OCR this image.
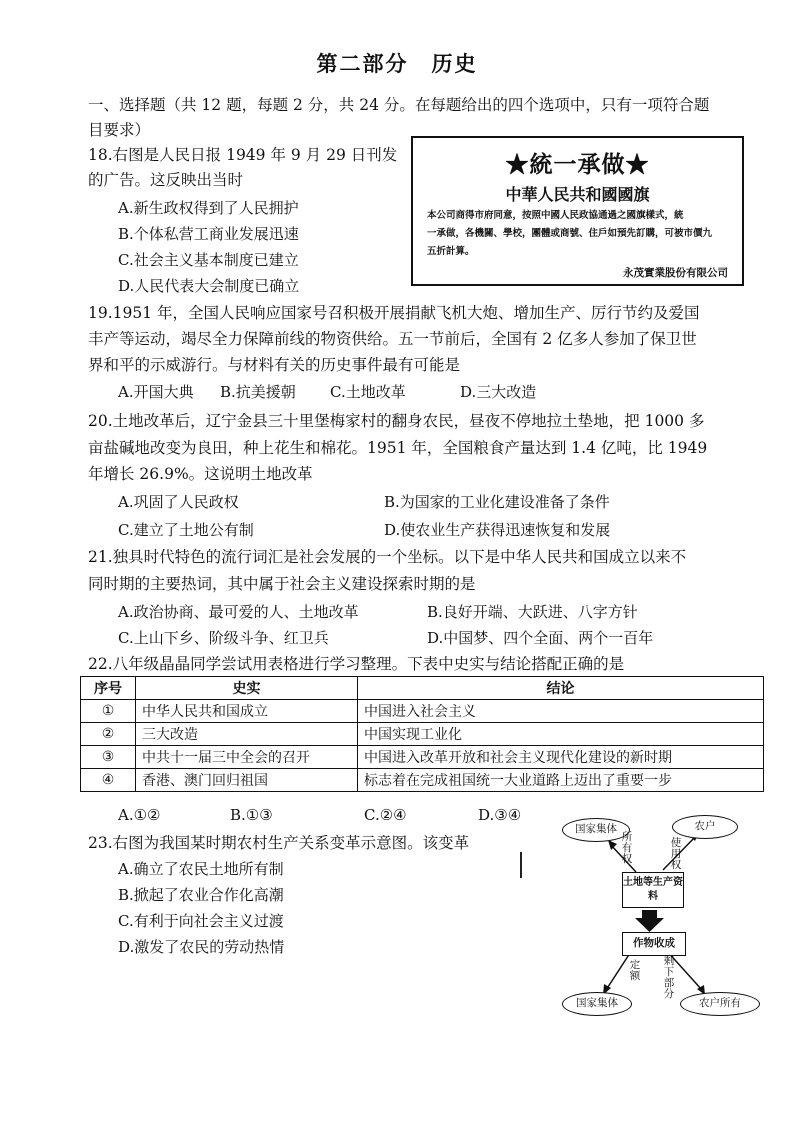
第二部分　历史
一、选择题（共 12 题，每题 2 分，共 24 分。在每题给出的四个选项中，只有一项符合题
目要求）
18.右图是人民日报 1949 年 9 月 29 日刊发
的广告。这反映出当时
A.新生政权得到了人民拥护
B.个体私营工商业发展迅速
C.社会主义基本制度已建立
D.人民代表大会制度已确立
★統一承做★
中華人民共和國國旗
本公司商得市府同意，按照中國人民政協通過之國旗樣式，統
一承做，各機關、學校，團體或商號、住戶如預先訂購，可被市價九
五折計算。
永茂實業股份有限公司
19.1951 年，全国人民响应国家号召积极开展捐献飞机大炮、增加生产、厉行节约及爱国
丰产等运动，竭尽全力保障前线的物资供给。五一节前后，全国有 2 亿多人参加了保卫世
界和平的示威游行。与材料有关的历史事件最有可能是
A.开国大典 B.抗美援朝 C.土地改革	D.三大改造
20.土地改革后，辽宁金县三十里堡梅家村的翻身农民，昼夜不停地拉土垫地，把 1000 多
亩盐碱地改变为良田，种上花生和棉花。1951 年，全国粮食产量达到 1.4 亿吨，比 1949
年增长 26.9%。这说明土地改革
A.巩固了人民政权	B.为国家的工业化建设准备了条件
C.建立了土地公有制	D.使农业生产获得迅速恢复和发展
21.独具时代特色的流行词汇是社会发展的一个坐标。以下是中华人民共和国成立以来不
同时期的主要热词，其中属于社会主义建设探索时期的是
A.政治协商、最可爱的人、土地改革	B.良好开端、大跃进、八字方针
C.上山下乡、阶级斗争、红卫兵	D.中国梦、四个全面、两个一百年
22.八年级晶晶同学尝试用表格进行学习整理。下表中史实与结论搭配正确的是
序号	史实	结论
①	中华人民共和国成立	中国进入社会主义
②	三大改造	中国实现工业化
③	中共十一届三中全会的召开	中国进入改革开放和社会主义现代化建设的新时期
④	香港、澳门回归祖国	标志着在完成祖国统一大业道路上迈出了重要一步
A.①②	B.①③	C.②④	D.③④
23.右图为我国某时期农村生产关系变革示意图。该变革
A.确立了农民土地所有制
B.掀起了农业合作化高潮
C.有利于向社会主义过渡
D.激发了农民的劳动热情
国家集体	农户
所有权
使用权
土地等生产资料
作物收成
定额
剩下部分
国家集体	农户所有
